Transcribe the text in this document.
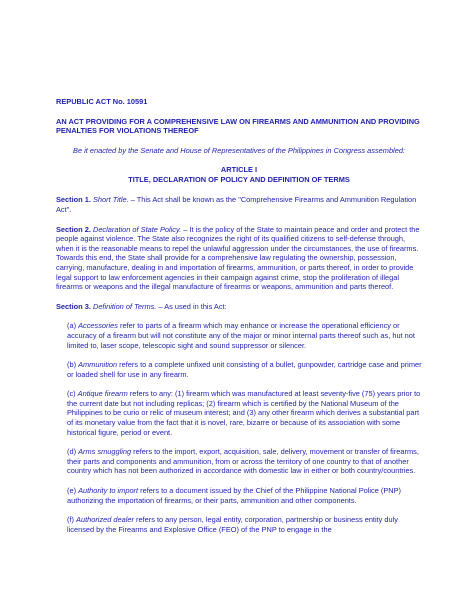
REPUBLIC ACT No. 10591
AN ACT PROVIDING FOR A COMPREHENSIVE LAW ON FIREARMS AND AMMUNITION AND PROVIDING PENALTIES FOR VIOLATIONS THEREOF
Be it enacted by the Senate and House of Representatives of the Philippines in Congress assembled:
ARTICLE I
TITLE, DECLARATION OF POLICY AND DEFINITION OF TERMS
Section 1. Short Title. – This Act shall be known as the "Comprehensive Firearms and Ammunition Regulation Act".
Section 2. Declaration of State Policy. – It is the policy of the State to maintain peace and order and protect the people against violence. The State also recognizes the right of its qualified citizens to self-defense through, when it is the reasonable means to repel the unlawful aggression under the circumstances, the use of firearms. Towards this end, the State shall provide for a comprehensive law regulating the ownership, possession, carrying, manufacture, dealing in and importation of firearms, ammunition, or parts thereof, in order to provide legal support to law enforcement agencies in their campaign against crime, stop the proliferation of illegal firearms or weapons and the illegal manufacture of firearms or weapons, ammunition and parts thereof.
Section 3. Definition of Terms. – As used in this Act:
(a) Accessories refer to parts of a firearm which may enhance or increase the operational efficiency or accuracy of a firearm but will not constitute any of the major or minor internal parts thereof such as, hut not limited to, laser scope, telescopic sight and sound suppressor or silencer.
(b) Ammunition refers to a complete unfixed unit consisting of a bullet, gunpowder, cartridge case and primer or loaded shell for use in any firearm.
(c) Antique firearm refers to any: (1) firearm which was manufactured at least seventy-five (75) years prior to the current date but not including replicas; (2) firearm which is certified by the National Museum of the Philippines to be curio or relic of museum interest; and (3) any other firearm which derives a substantial part of its monetary value from the fact that it is novel, rare, bizarre or because of its association with some historical figure, period or event.
(d) Arms smuggling refers to the import, export, acquisition, sale, delivery, movement or transfer of firearms, their parts and components and ammunition, from or across the territory of one country to that of another country which has not been authorized in accordance with domestic law in either or both country/countries.
(e) Authority to import refers to a document issued by the Chief of the Philippine National Police (PNP) authorizing the importation of firearms, or their parts, ammunition and other components.
(f) Authorized dealer refers to any person, legal entity, corporation, partnership or business entity duly licensed by the Firearms and Explosive Office (FEO) of the PNP to engage in the
